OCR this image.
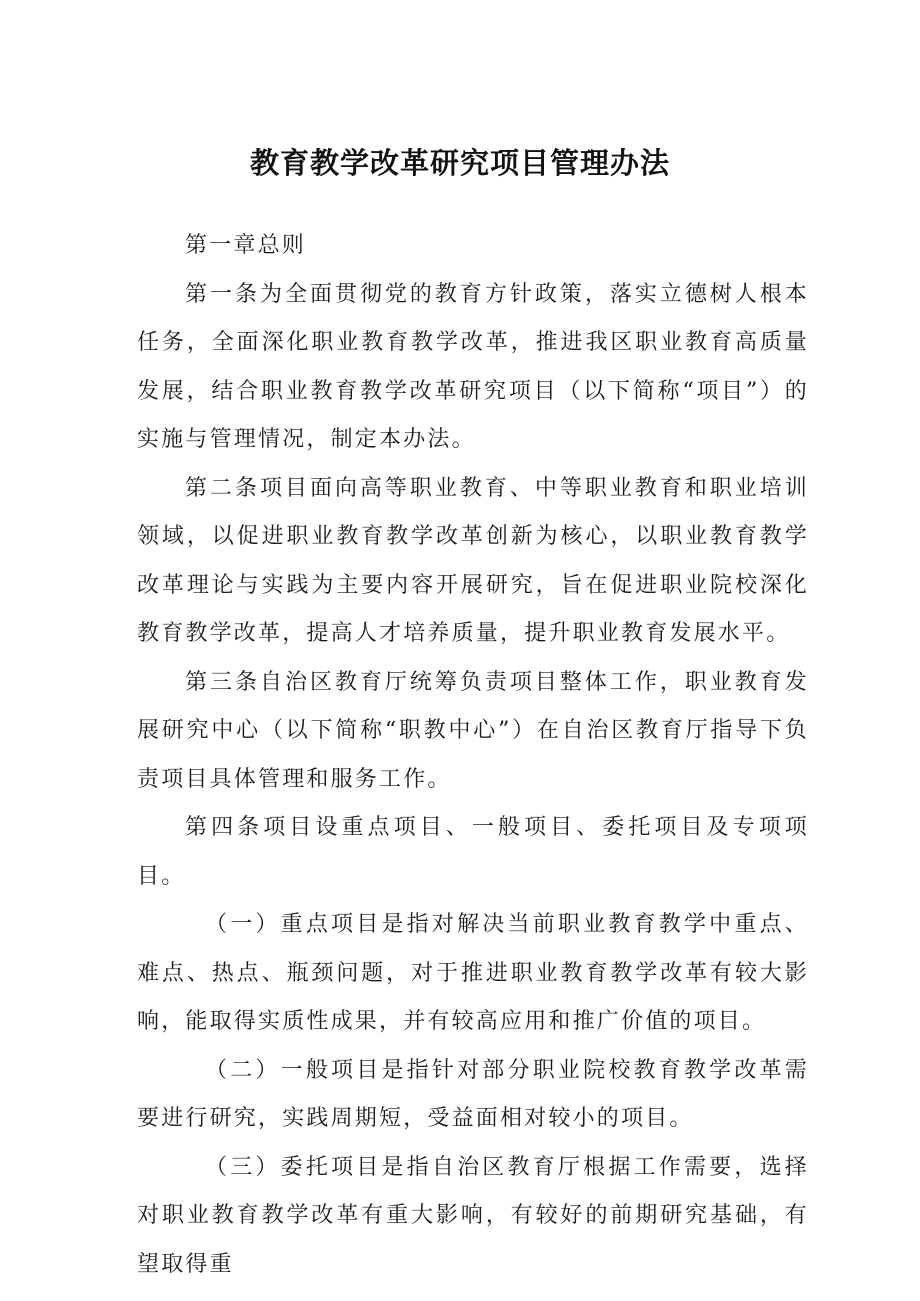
教育教学改革研究项目管理办法

第一章总则

第一条为全面贯彻党的教育方针政策，落实立德树人根本任务，全面深化职业教育教学改革，推进我区职业教育高质量发展，结合职业教育教学改革研究项目（以下简称“项目”）的实施与管理情况，制定本办法。

第二条项目面向高等职业教育、中等职业教育和职业培训领域，以促进职业教育教学改革创新为核心，以职业教育教学改革理论与实践为主要内容开展研究，旨在促进职业院校深化教育教学改革，提高人才培养质量，提升职业教育发展水平。

第三条自治区教育厅统筹负责项目整体工作，职业教育发展研究中心（以下简称“职教中心”）在自治区教育厅指导下负责项目具体管理和服务工作。

第四条项目设重点项目、一般项目、委托项目及专项项目。

（一）重点项目是指对解决当前职业教育教学中重点、难点、热点、瓶颈问题，对于推进职业教育教学改革有较大影响，能取得实质性成果，并有较高应用和推广价值的项目。

（二）一般项目是指针对部分职业院校教育教学改革需要进行研究，实践周期短，受益面相对较小的项目。

（三）委托项目是指自治区教育厅根据工作需要，选择对职业教育教学改革有重大影响，有较好的前期研究基础，有望取得重
